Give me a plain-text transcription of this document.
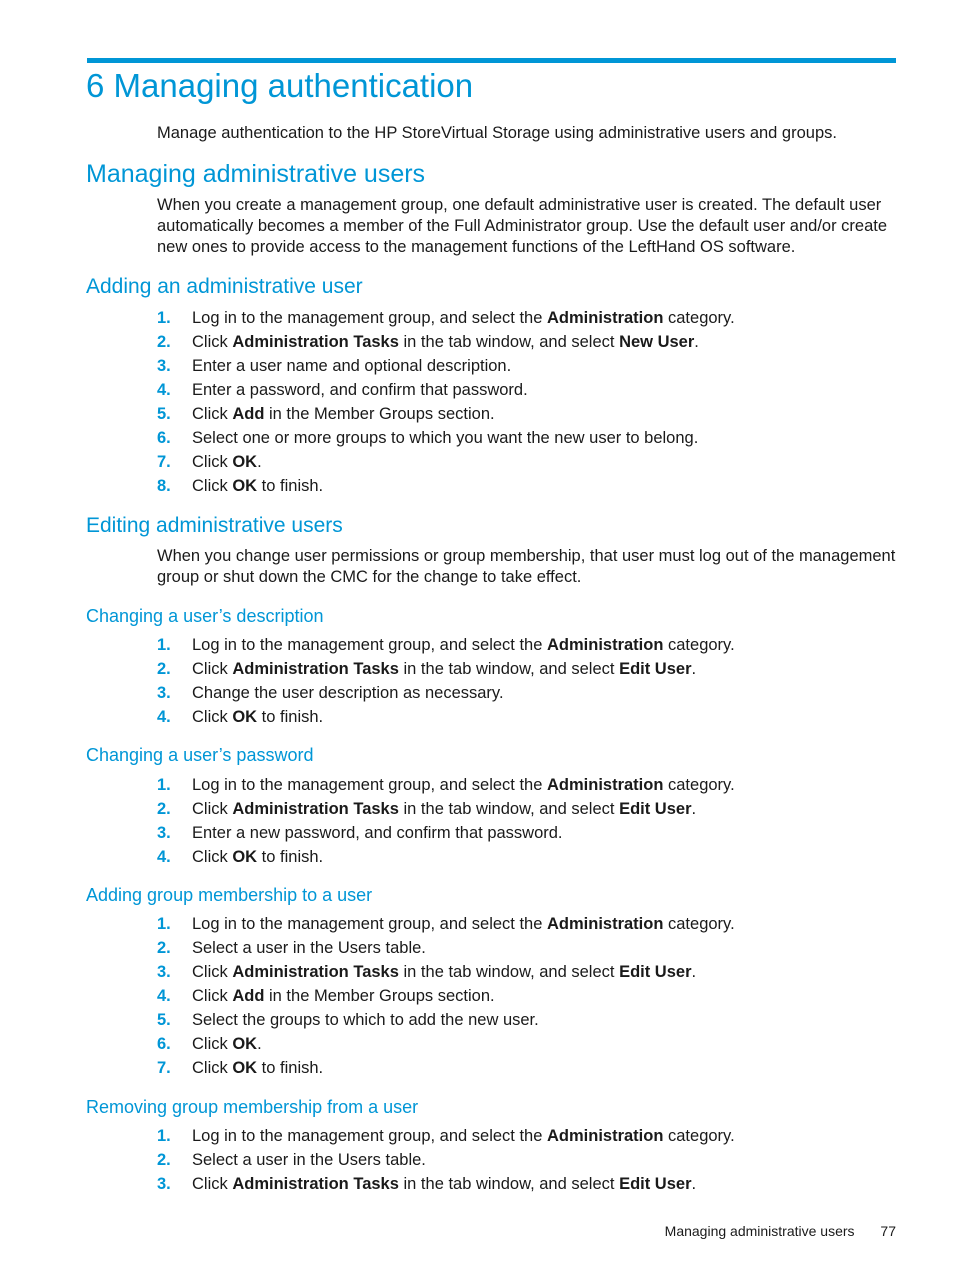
6 Managing authentication

Manage authentication to the HP StoreVirtual Storage using administrative users and groups.

Managing administrative users

When you create a management group, one default administrative user is created. The default user automatically becomes a member of the Full Administrator group. Use the default user and/or create new ones to provide access to the management functions of the LeftHand OS software.

Adding an administrative user
1. Log in to the management group, and select the Administration category.
2. Click Administration Tasks in the tab window, and select New User.
3. Enter a user name and optional description.
4. Enter a password, and confirm that password.
5. Click Add in the Member Groups section.
6. Select one or more groups to which you want the new user to belong.
7. Click OK.
8. Click OK to finish.
Editing administrative users

When you change user permissions or group membership, that user must log out of the management group or shut down the CMC for the change to take effect.

Changing a user’s description
1. Log in to the management group, and select the Administration category.
2. Click Administration Tasks in the tab window, and select Edit User.
3. Change the user description as necessary.
4. Click OK to finish.
Changing a user’s password
1. Log in to the management group, and select the Administration category.
2. Click Administration Tasks in the tab window, and select Edit User.
3. Enter a new password, and confirm that password.
4. Click OK to finish.
Adding group membership to a user
1. Log in to the management group, and select the Administration category.
2. Select a user in the Users table.
3. Click Administration Tasks in the tab window, and select Edit User.
4. Click Add in the Member Groups section.
5. Select the groups to which to add the new user.
6. Click OK.
7. Click OK to finish.
Removing group membership from a user
1. Log in to the management group, and select the Administration category.
2. Select a user in the Users table.
3. Click Administration Tasks in the tab window, and select Edit User.
Managing administrative users 77
